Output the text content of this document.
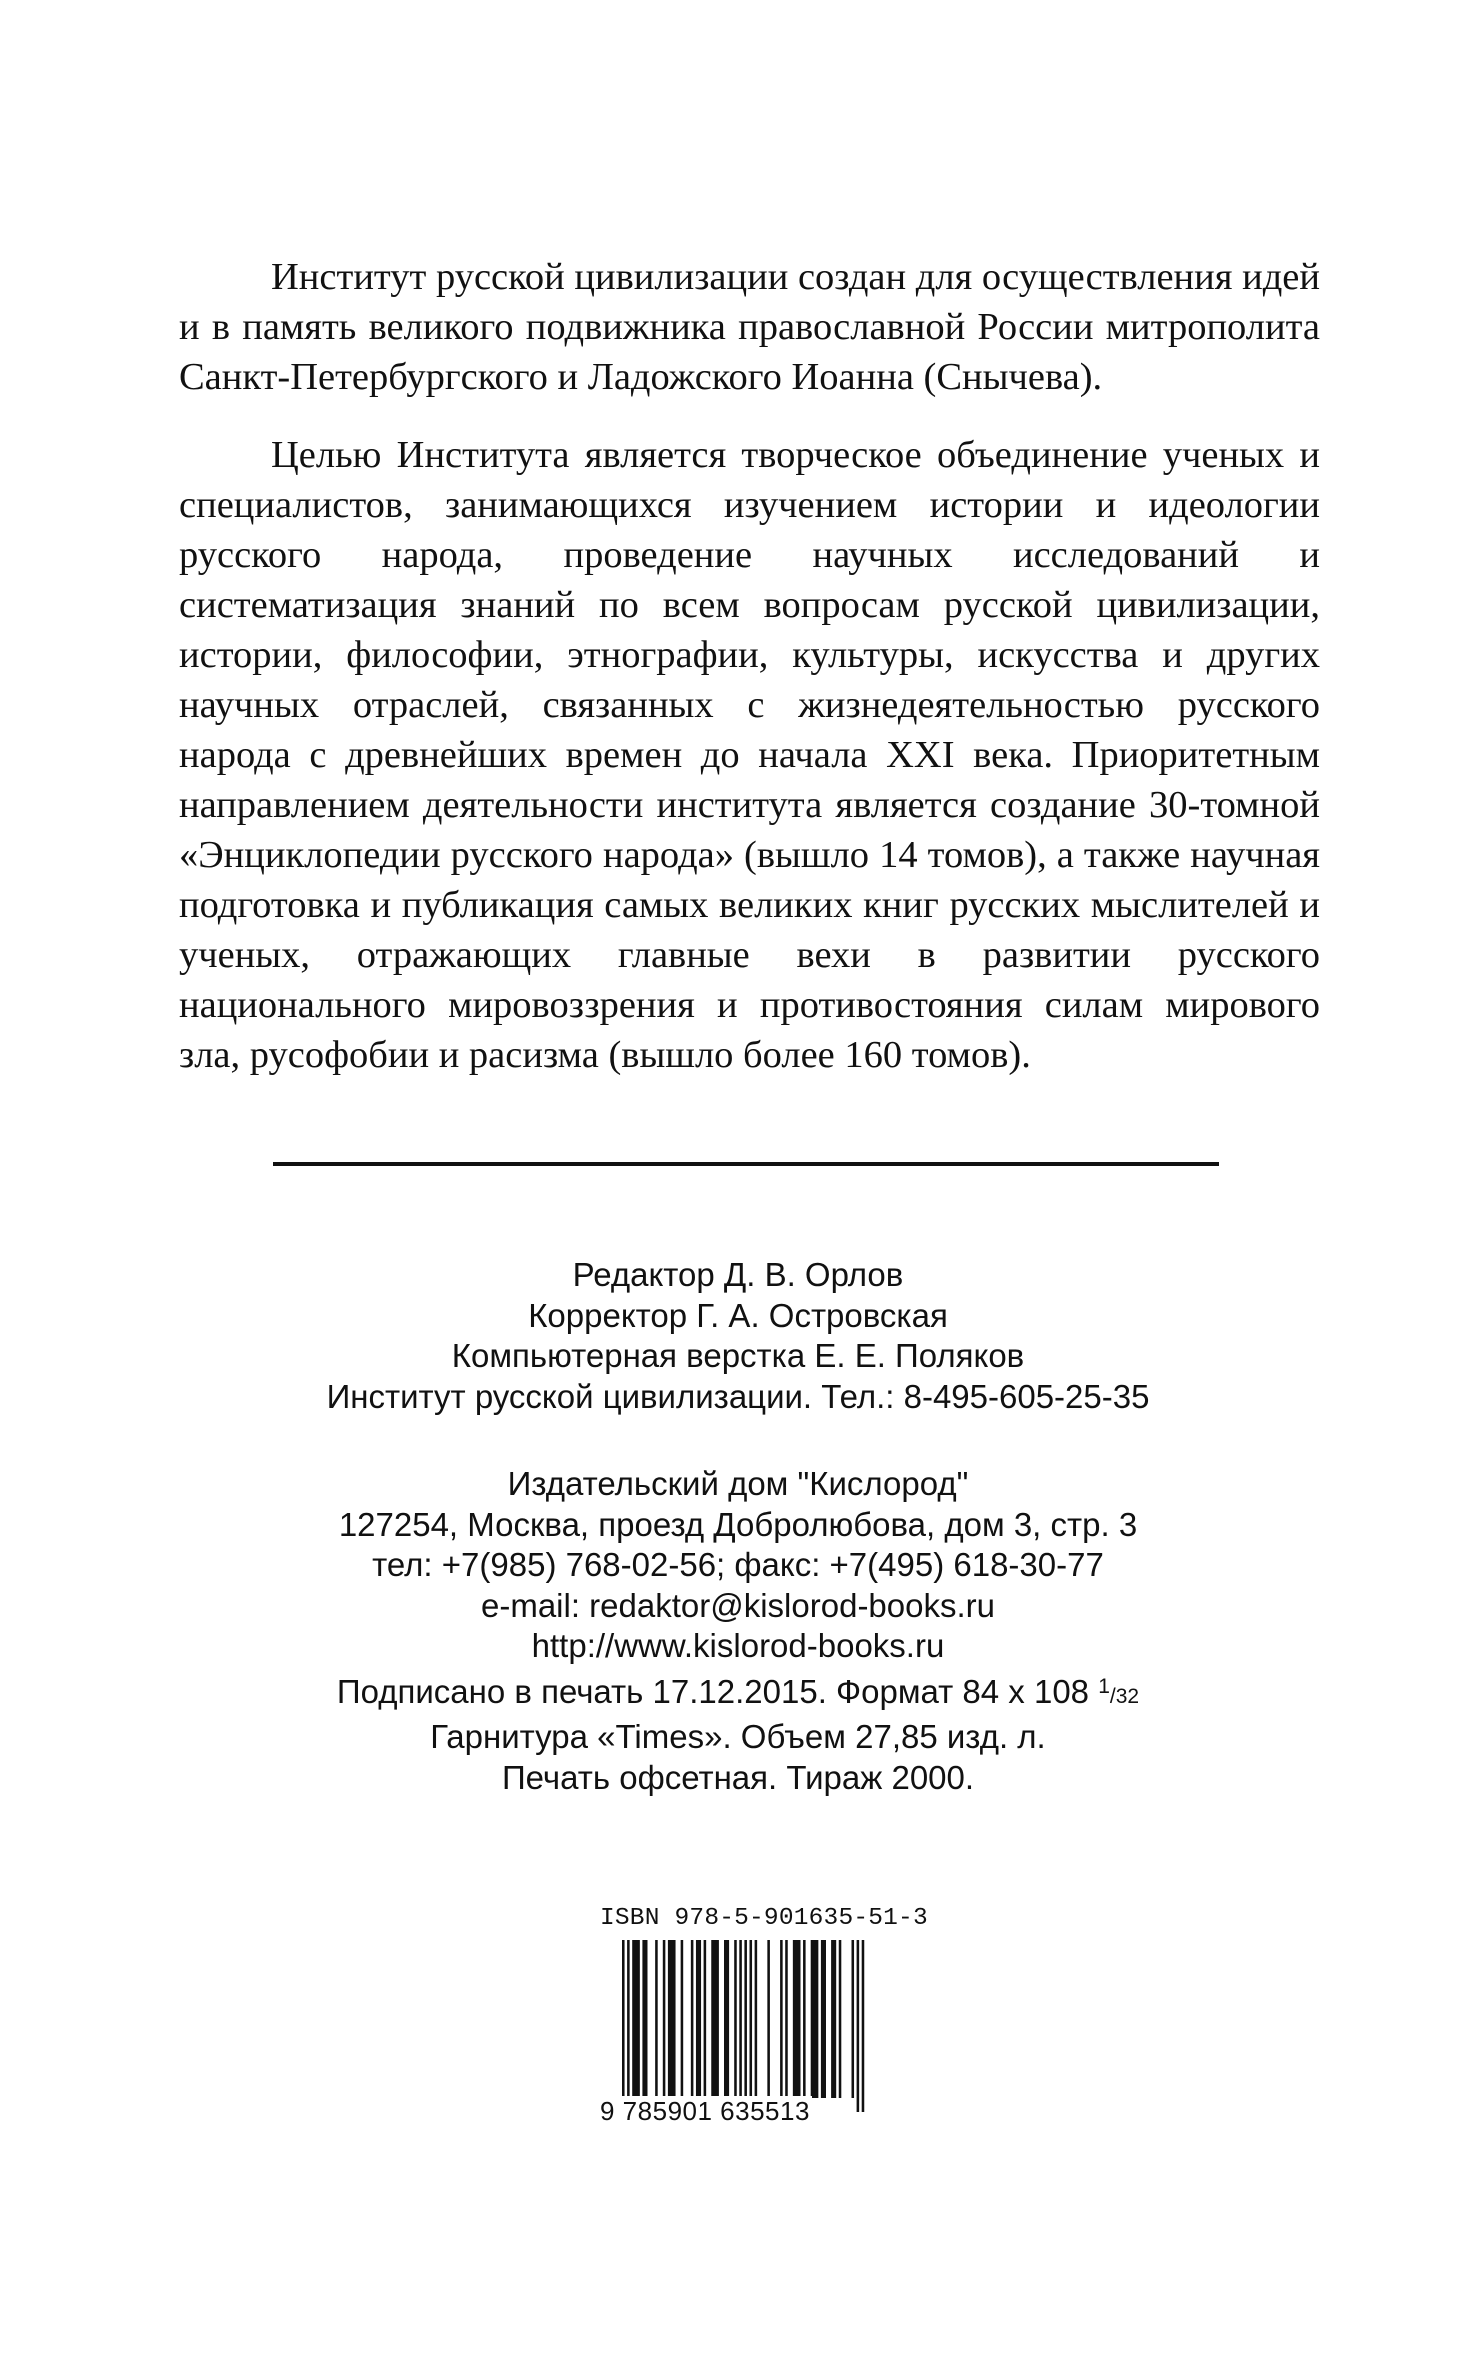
Институт русской цивилизации создан для осуществления идей и в память великого подвижника православной России митрополита Санкт-Петербургского и Ладожского Иоанна (Снычева).

Целью Института является творческое объединение ученых и специалистов, занимающихся изучением истории и идеологии русского народа, проведение научных исследований и систематизация знаний по всем вопросам русской цивилизации, истории, философии, этнографии, культуры, искусства и других научных отраслей, связанных с жизнедеятельностью русского народа с древнейших времен до начала XXI века. Приоритетным направлением деятельности института является создание 30-томной «Энциклопедии русского народа» (вышло 14 томов), а также научная подготовка и публикация самых великих книг русских мыслителей и ученых, отражающих главные вехи в развитии русского национального мировоззрения и противостояния силам мирового зла, русофобии и расизма (вышло более 160 томов).

Редактор Д. В. Орлов
Корректор Г. А. Островская
Компьютерная верстка Е. Е. Поляков
Институт русской цивилизации. Тел.: 8-495-605-25-35
Издательский дом "Кислород"
127254, Москва, проезд Добролюбова, дом 3, стр. 3
тел: +7(985) 768-02-56; факс: +7(495) 618-30-77
e-mail: redaktor@kislorod-books.ru
http://www.kislorod-books.ru
Подписано в печать 17.12.2015. Формат 84 х 108 1/32
Гарнитура «Times». Объем 27,85 изд. л.
Печать офсетная. Тираж 2000.
ISBN 978-5-901635-51-3
9 785901 635513
